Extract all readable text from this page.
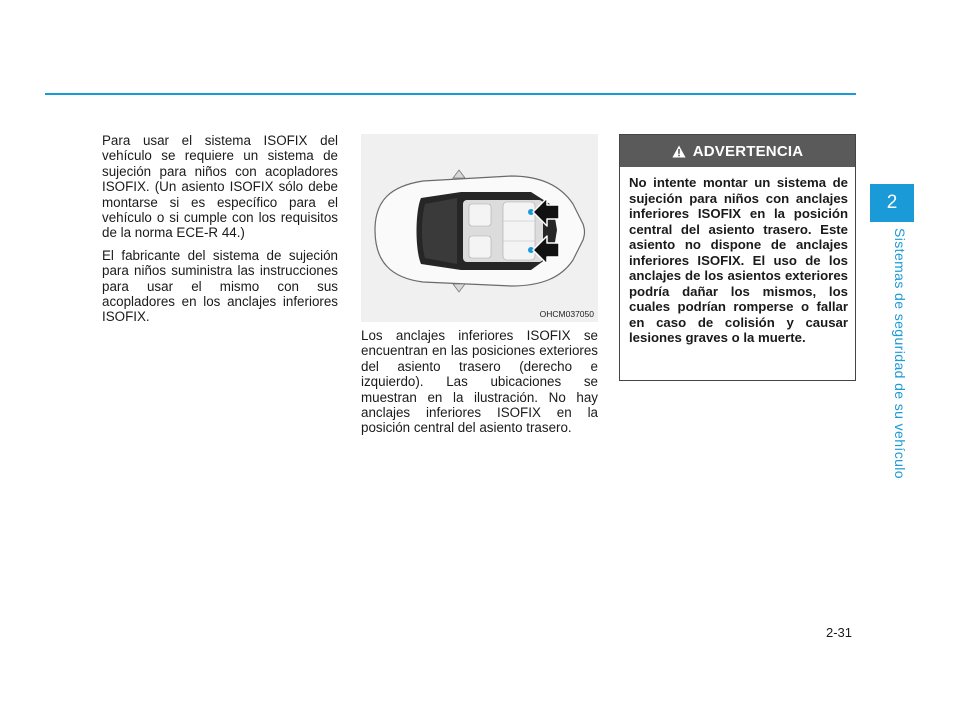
Para usar el sistema ISOFIX del vehículo se requiere un sistema de sujeción para niños con acopladores ISOFIX. (Un asiento ISOFIX sólo debe montarse si es específico para el vehículo o si cumple con los requisitos de la norma ECE-R 44.)

El fabricante del sistema de sujeción para niños suministra las instrucciones para usar el mismo con sus acopladores en los anclajes inferiores ISOFIX.	OHCM037050

Los anclajes inferiores ISOFIX se encuentran en las posiciones exteriores del asiento trasero (derecho e izquierdo). Las ubicaciones se muestran en la ilustración. No hay anclajes inferiores ISOFIX en la posición central del asiento trasero.

ADVERTENCIA
No intente montar un sistema de sujeción para niños con anclajes inferiores ISOFIX en la posición central del asiento trasero. Este asiento no dispone de anclajes inferiores ISOFIX. El uso de los anclajes de los asientos exteriores podría dañar los mismos, los cuales podrían romperse o fallar en caso de colisión y causar lesiones graves o la muerte.
2
Sistemas de seguridad de su vehículo
2-31
